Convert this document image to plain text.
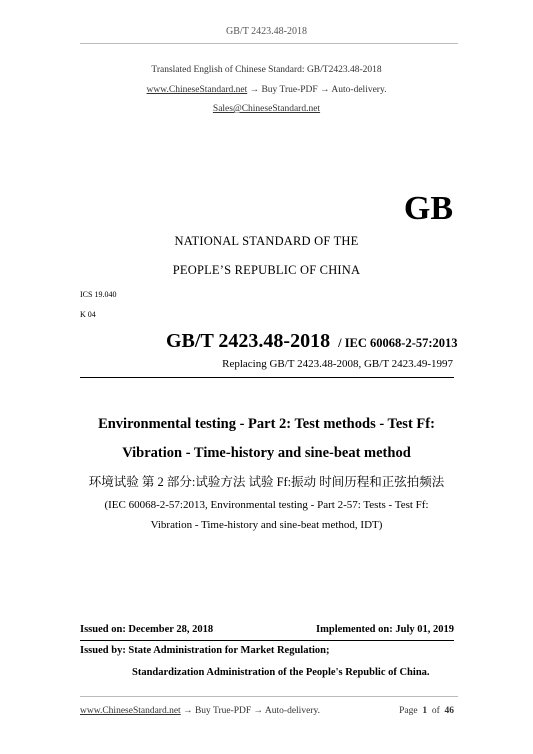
GB/T 2423.48-2018
Translated English of Chinese Standard: GB/T2423.48-2018
www.ChineseStandard.net → Buy True-PDF → Auto-delivery.
Sales@ChineseStandard.net
GB
NATIONAL STANDARD OF THE
PEOPLE’S REPUBLIC OF CHINA
ICS 19.040
K 04
GB/T 2423.48-2018 / IEC 60068-2-57:2013
Replacing GB/T 2423.48-2008, GB/T 2423.49-1997
Environmental testing - Part 2: Test methods - Test Ff:
Vibration - Time-history and sine-beat method
环境试验 第 2 部分:试验方法 试验 Ff:振动 时间历程和正弦拍频法
(IEC 60068-2-57:2013, Environmental testing - Part 2-57: Tests - Test Ff:
Vibration - Time-history and sine-beat method, IDT)
Issued on: December 28, 2018	Implemented on: July 01, 2019
Issued by: State Administration for Market Regulation;
Standardization Administration of the People's Republic of China.
www.ChineseStandard.net → Buy True-PDF → Auto-delivery.	Page 1 of 46
